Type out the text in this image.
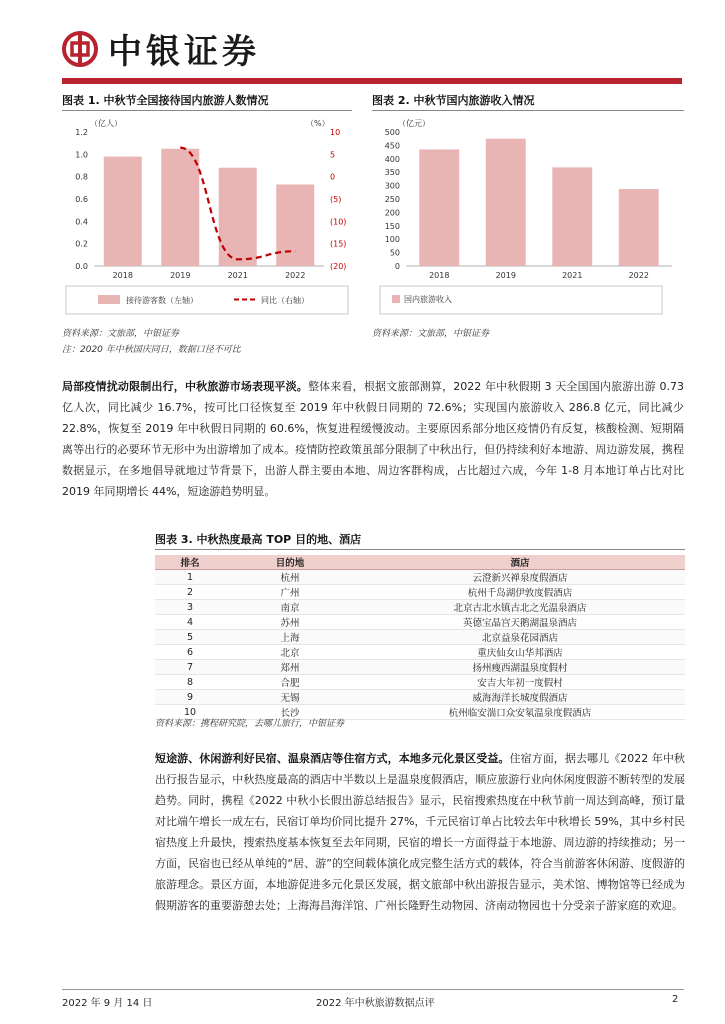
中银证券
图表 1. 中秋节全国接待国内旅游人数情况
（亿人）	（%）
1.2
1.0
0.8
0.6
0.4
0.2
0.0
10
5
0
(5)
(10)
(15)
(20)
2018	2019	2021	2022
接待游客数（左轴）	同比（右轴）
资料来源：文旅部，中银证券
注：2020 年中秋国庆同日，数据口径不可比
图表 2. 中秋节国内旅游收入情况
（亿元）
500
450
400
350
300
250
200
150
100
50
0
2018	2019	2021	2022
国内旅游收入
资料来源：文旅部，中银证券
局部疫情扰动限制出行，中秋旅游市场表现平淡。整体来看，根据文旅部测算，2022 年中秋假期 3 天全国国内旅游出游 0.73 亿人次，同比减少 16.7%，按可比口径恢复至 2019 年中秋假日同期的 72.6%；实现国内旅游收入 286.8 亿元，同比减少 22.8%，恢复至 2019 年中秋假日同期的 60.6%，恢复进程缓慢波动。主要原因系部分地区疫情仍有反复，核酸检测、短期隔离等出行的必要环节无形中为出游增加了成本。疫情防控政策虽部分限制了中秋出行，但仍持续利好本地游、周边游发展，携程数据显示，在多地倡导就地过节背景下，出游人群主要由本地、周边客群构成，占比超过六成，今年 1-8 月本地订单占比对比 2019 年同期增长 44%，短途游趋势明显。
图表 3. 中秋热度最高 TOP 目的地、酒店
排名	目的地	酒店
1	杭州	云澄新兴禅泉度假酒店
2	广州	杭州千岛湖伊敦度假酒店
3	南京	北京古北水镇古北之光温泉酒店
4	苏州	英德宝晶宫天鹅湖温泉酒店
5	上海	北京益泉花园酒店
6	北京	重庆仙女山华邦酒店
7	郑州	扬州瘦西湖温泉度假村
8	合肥	安吉大年初一度假村
9	无锡	威海海洋长城度假酒店
10	长沙	杭州临安湍口众安氡温泉度假酒店
资料来源：携程研究院，去哪儿旅行，中银证券
短途游、休闲游利好民宿、温泉酒店等住宿方式，本地多元化景区受益。住宿方面，据去哪儿《2022 年中秋出行报告显示，中秋热度最高的酒店中半数以上是温泉度假酒店，顺应旅游行业向休闲度假游不断转型的发展趋势。同时，携程《2022 中秋小长假出游总结报告》显示，民宿搜索热度在中秋节前一周达到高峰，预订量对比端午增长一成左右，民宿订单均价同比提升 27%，千元民宿订单占比较去年中秋增长 59%，其中乡村民宿热度上升最快，搜索热度基本恢复至去年同期，民宿的增长一方面得益于本地游、周边游的持续推动；另一方面，民宿也已经从单纯的“居、游”的空间载体演化成完整生活方式的载体，符合当前游客休闲游、度假游的旅游理念。景区方面，本地游促进多元化景区发展，据文旅部中秋出游报告显示，美术馆、博物馆等已经成为假期游客的重要游憩去处；上海海昌海洋馆、广州长隆野生动物园、济南动物园也十分受亲子游家庭的欢迎。
2022 年 9 月 14 日	2022 年中秋旅游数据点评	2
